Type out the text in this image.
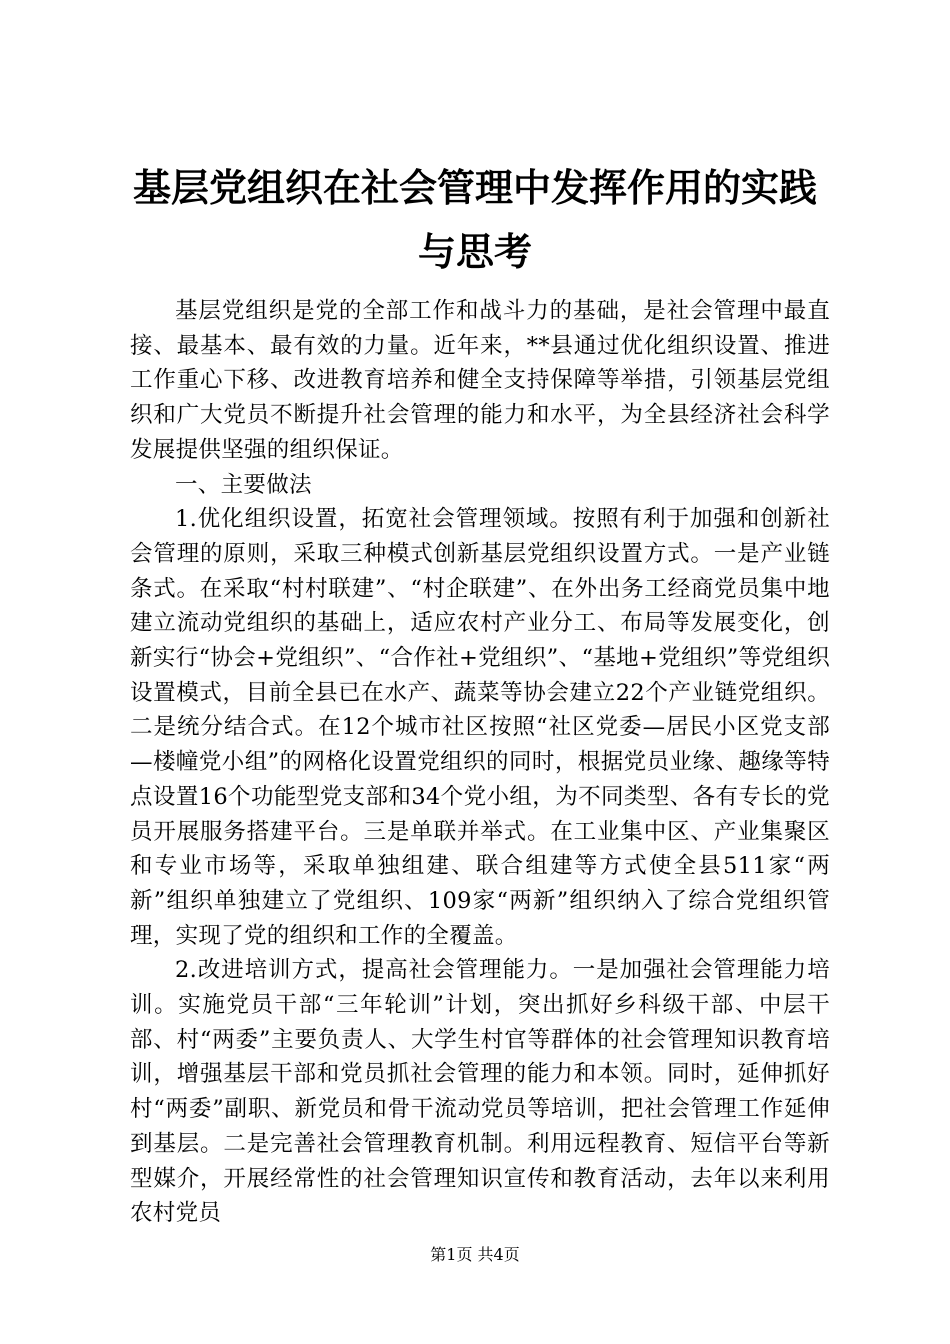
基层党组织在社会管理中发挥作用的实践与思考

基层党组织是党的全部工作和战斗力的基础，是社会管理中最直接、最基本、最有效的力量。近年来，**县通过优化组织设置、推进工作重心下移、改进教育培养和健全支持保障等举措，引领基层党组织和广大党员不断提升社会管理的能力和水平，为全县经济社会科学发展提供坚强的组织保证。

一、主要做法

1.优化组织设置，拓宽社会管理领域。按照有利于加强和创新社会管理的原则，采取三种模式创新基层党组织设置方式。一是产业链条式。在采取“村村联建”、“村企联建”、在外出务工经商党员集中地建立流动党组织的基础上，适应农村产业分工、布局等发展变化，创新实行“协会+党组织”、“合作社+党组织”、“基地+党组织”等党组织设置模式，目前全县已在水产、蔬菜等协会建立22个产业链党组织。二是统分结合式。在12个城市社区按照“社区党委—居民小区党支部—楼幢党小组”的网格化设置党组织的同时，根据党员业缘、趣缘等特点设置16个功能型党支部和34个党小组，为不同类型、各有专长的党员开展服务搭建平台。三是单联并举式。在工业集中区、产业集聚区和专业市场等，采取单独组建、联合组建等方式使全县511家“两新”组织单独建立了党组织、109家“两新”组织纳入了综合党组织管理，实现了党的组织和工作的全覆盖。

2.改进培训方式，提高社会管理能力。一是加强社会管理能力培训。实施党员干部“三年轮训”计划，突出抓好乡科级干部、中层干部、村“两委”主要负责人、大学生村官等群体的社会管理知识教育培训，增强基层干部和党员抓社会管理的能力和本领。同时，延伸抓好村“两委”副职、新党员和骨干流动党员等培训，把社会管理工作延伸到基层。二是完善社会管理教育机制。利用远程教育、短信平台等新型媒介，开展经常性的社会管理知识宣传和教育活动，去年以来利用农村党员

第1页 共4页
